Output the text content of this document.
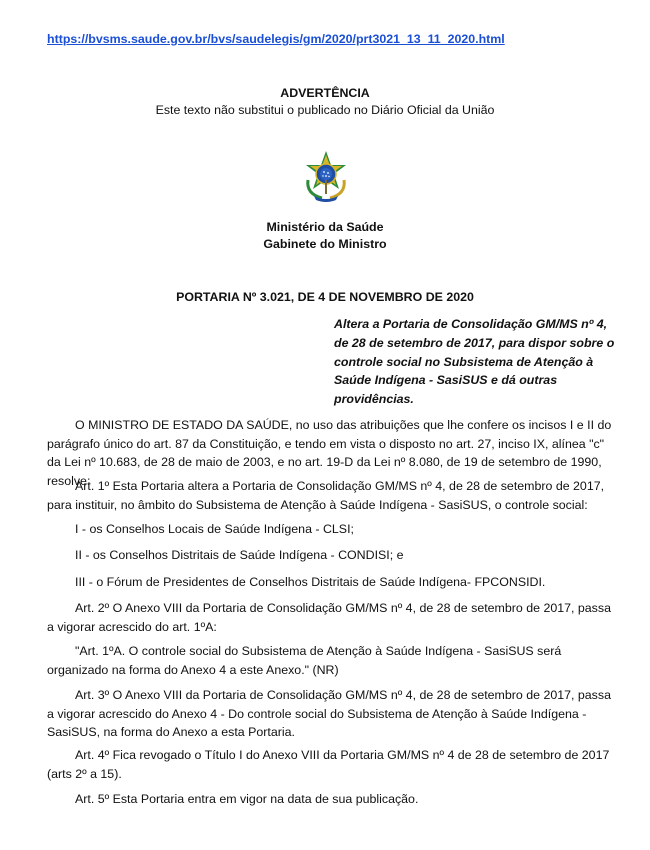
https://bvsms.saude.gov.br/bvs/saudelegis/gm/2020/prt3021_13_11_2020.html
ADVERTÊNCIA
Este texto não substitui o publicado no Diário Oficial da União
Ministério da Saúde
Gabinete do Ministro
PORTARIA Nº 3.021, DE 4 DE NOVEMBRO DE 2020
Altera a Portaria de Consolidação GM/MS nº 4, de 28 de setembro de 2017, para dispor sobre o controle social no Subsistema de Atenção à Saúde Indígena - SasiSUS e dá outras providências.
O MINISTRO DE ESTADO DA SAÚDE, no uso das atribuições que lhe confere os incisos I e II do parágrafo único do art. 87 da Constituição, e tendo em vista o disposto no art. 27, inciso IX, alínea "c" da Lei nº 10.683, de 28 de maio de 2003, e no art. 19-D da Lei nº 8.080, de 19 de setembro de 1990, resolve:
Art. 1º Esta Portaria altera a Portaria de Consolidação GM/MS nº 4, de 28 de setembro de 2017, para instituir, no âmbito do Subsistema de Atenção à Saúde Indígena - SasiSUS, o controle social:
I - os Conselhos Locais de Saúde Indígena - CLSI;
II - os Conselhos Distritais de Saúde Indígena - CONDISI; e
III - o Fórum de Presidentes de Conselhos Distritais de Saúde Indígena- FPCONSIDI.
Art. 2º O Anexo VIII da Portaria de Consolidação GM/MS nº 4, de 28 de setembro de 2017, passa a vigorar acrescido do art. 1ºA:
"Art. 1ºA. O controle social do Subsistema de Atenção à Saúde Indígena - SasiSUS será organizado na forma do Anexo 4 a este Anexo." (NR)
Art. 3º O Anexo VIII da Portaria de Consolidação GM/MS nº 4, de 28 de setembro de 2017, passa a vigorar acrescido do Anexo 4 - Do controle social do Subsistema de Atenção à Saúde Indígena - SasiSUS, na forma do Anexo a esta Portaria.
Art. 4º Fica revogado o Título I do Anexo VIII da Portaria GM/MS nº 4 de 28 de setembro de 2017 (arts 2º a 15).
Art. 5º Esta Portaria entra em vigor na data de sua publicação.
